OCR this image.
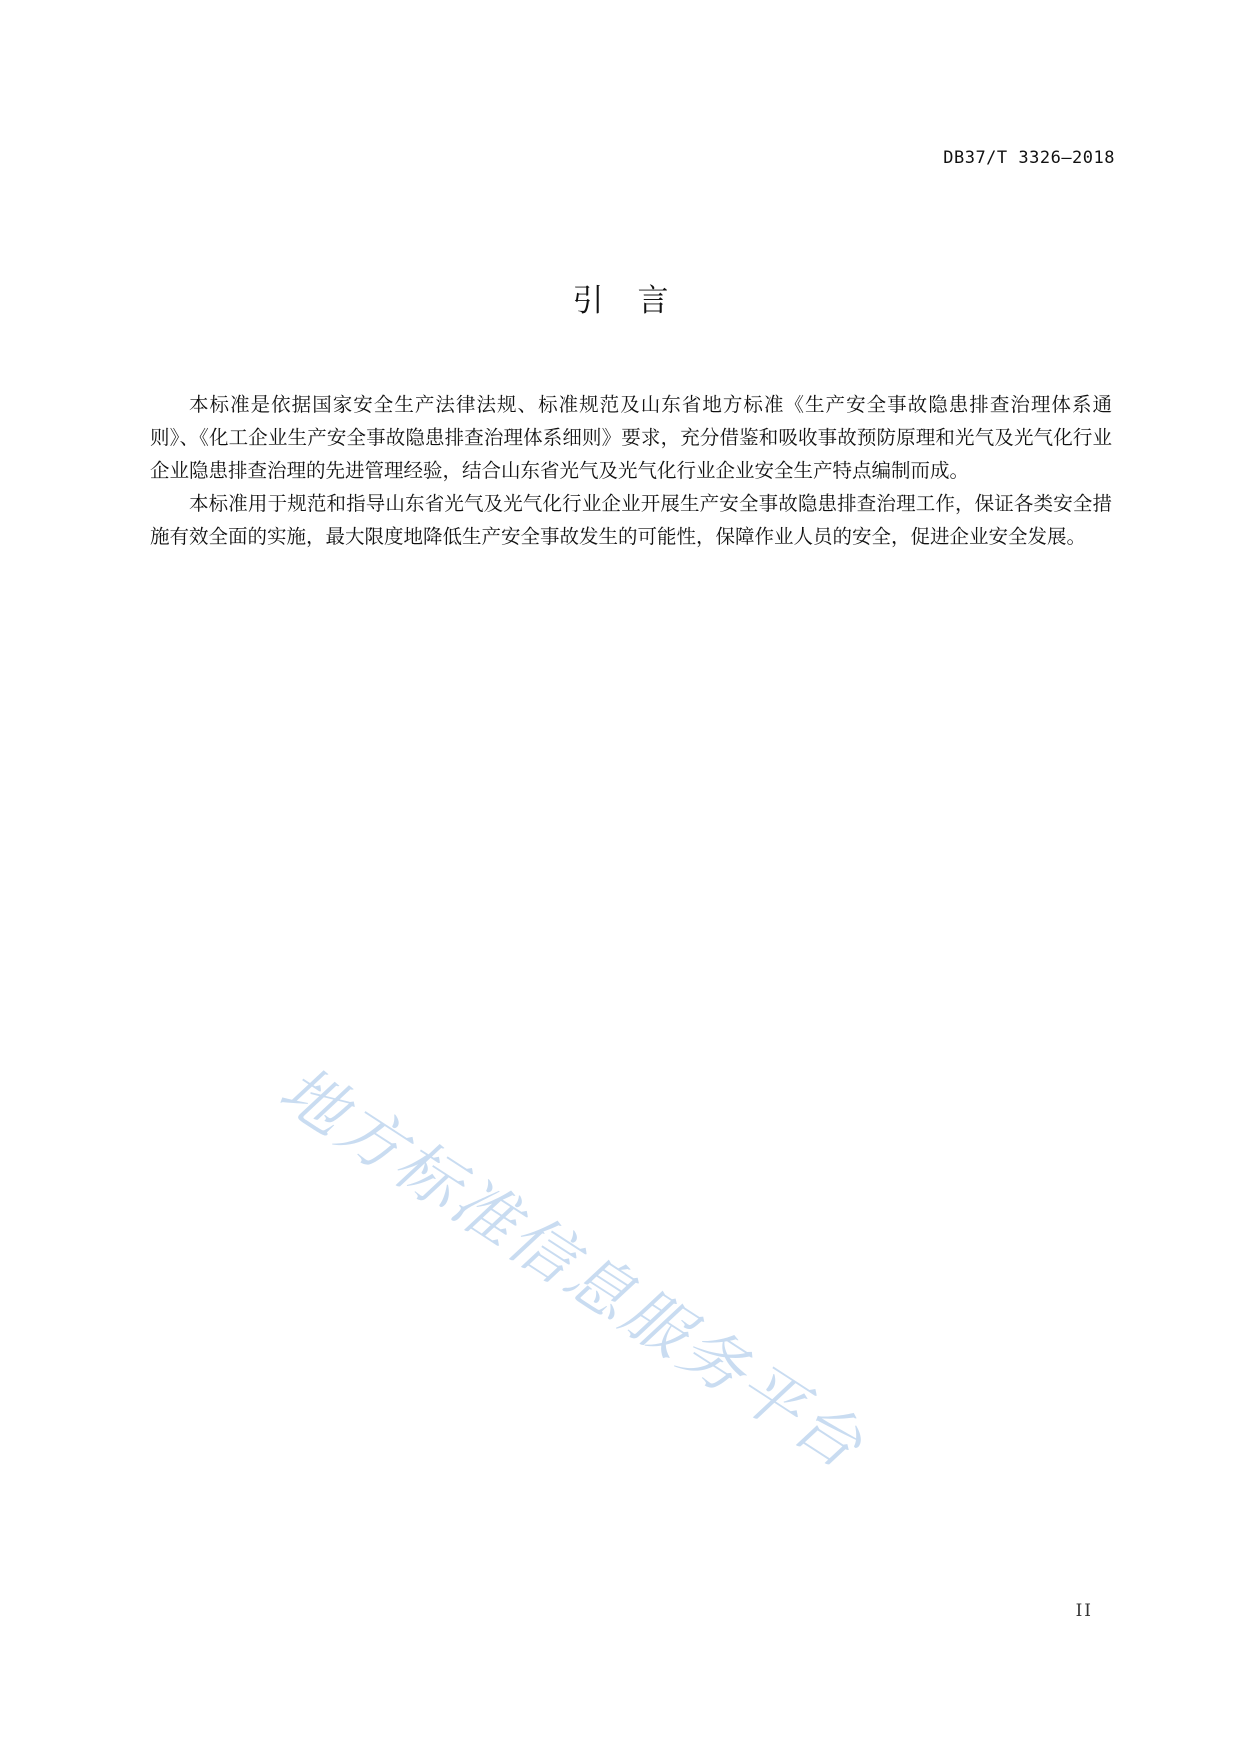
DB37/T 3326—2018
引言

本标准是依据国家安全生产法律法规、标准规范及山东省地方标准《生产安全事故隐患排查治理体系通则》、《化工企业生产安全事故隐患排查治理体系细则》要求，充分借鉴和吸收事故预防原理和光气及光气化行业企业隐患排查治理的先进管理经验，结合山东省光气及光气化行业企业安全生产特点编制而成。

本标准用于规范和指导山东省光气及光气化行业企业开展生产安全事故隐患排查治理工作，保证各类安全措施有效全面的实施，最大限度地降低生产安全事故发生的可能性，保障作业人员的安全，促进企业安全发展。

地方标准信息服务平台
II
